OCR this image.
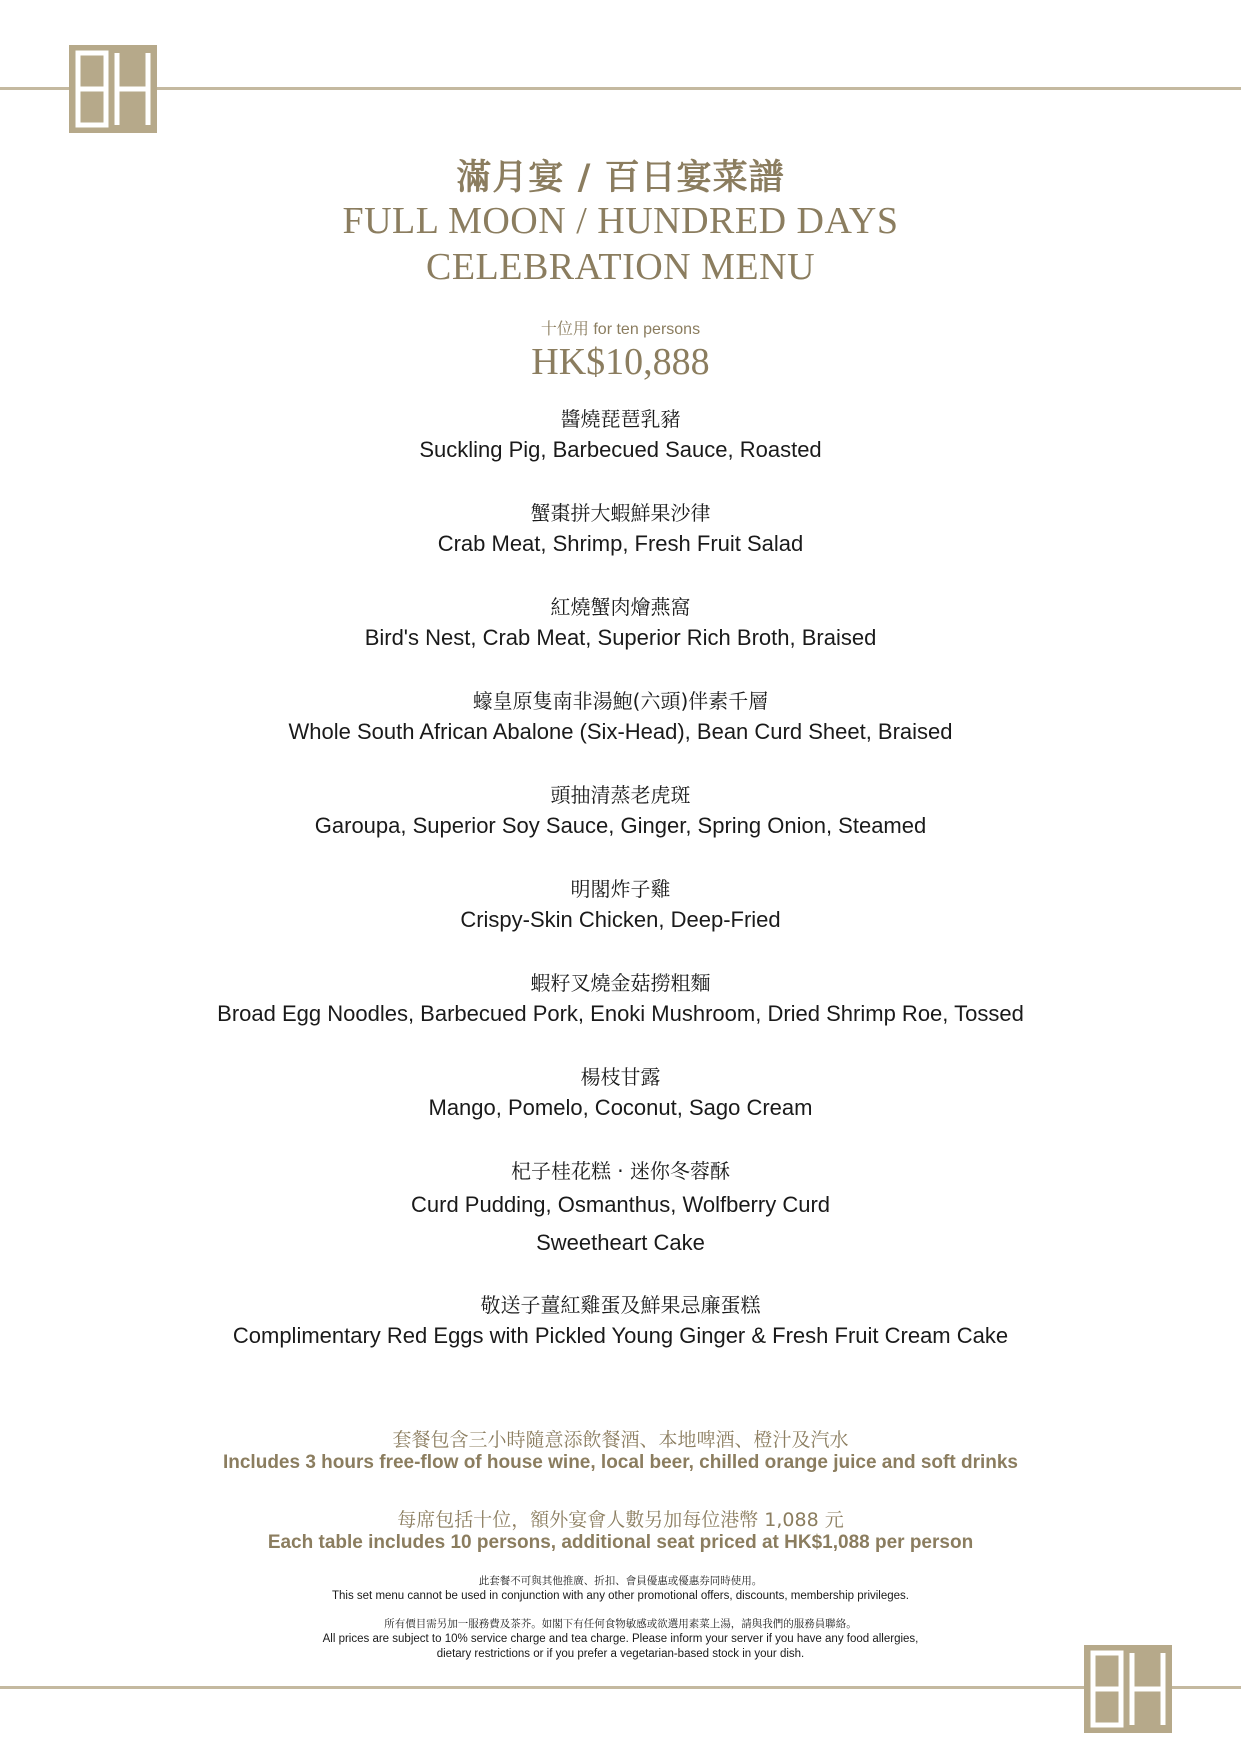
滿月宴 / 百日宴菜譜
FULL MOON / HUNDRED DAYS
CELEBRATION MENU
十位用 for ten persons
HK$10,888
醬燒琵琶乳豬
Suckling Pig, Barbecued Sauce, Roasted
蟹棗拼大蝦鮮果沙律
Crab Meat, Shrimp, Fresh Fruit Salad
紅燒蟹肉燴燕窩
Bird's Nest, Crab Meat, Superior Rich Broth, Braised
蠔皇原隻南非湯鮑(六頭)伴素千層
Whole South African Abalone (Six-Head), Bean Curd Sheet, Braised
頭抽清蒸老虎斑
Garoupa, Superior Soy Sauce, Ginger, Spring Onion, Steamed
明閣炸子雞
Crispy-Skin Chicken, Deep-Fried
蝦籽叉燒金菇撈粗麵
Broad Egg Noodles, Barbecued Pork, Enoki Mushroom, Dried Shrimp Roe, Tossed
楊枝甘露
Mango, Pomelo, Coconut, Sago Cream
杞子桂花糕 · 迷你冬蓉酥
Curd Pudding, Osmanthus, Wolfberry Curd
Sweetheart Cake
敬送子薑紅雞蛋及鮮果忌廉蛋糕
Complimentary Red Eggs with Pickled Young Ginger & Fresh Fruit Cream Cake
套餐包含三小時隨意添飲餐酒、本地啤酒、橙汁及汽水
Includes 3 hours free-flow of house wine, local beer, chilled orange juice and soft drinks
每席包括十位，額外宴會人數另加每位港幣 1,088 元
Each table includes 10 persons, additional seat priced at HK$1,088 per person
此套餐不可與其他推廣、折扣、會員優惠或優惠券同時使用。
This set menu cannot be used in conjunction with any other promotional offers, discounts, membership privileges.
所有價目需另加一服務費及茶芥。如閣下有任何食物敏感或欲選用素菜上湯，請與我們的服務員聯絡。
All prices are subject to 10% service charge and tea charge. Please inform your server if you have any food allergies,
dietary restrictions or if you prefer a vegetarian-based stock in your dish.
